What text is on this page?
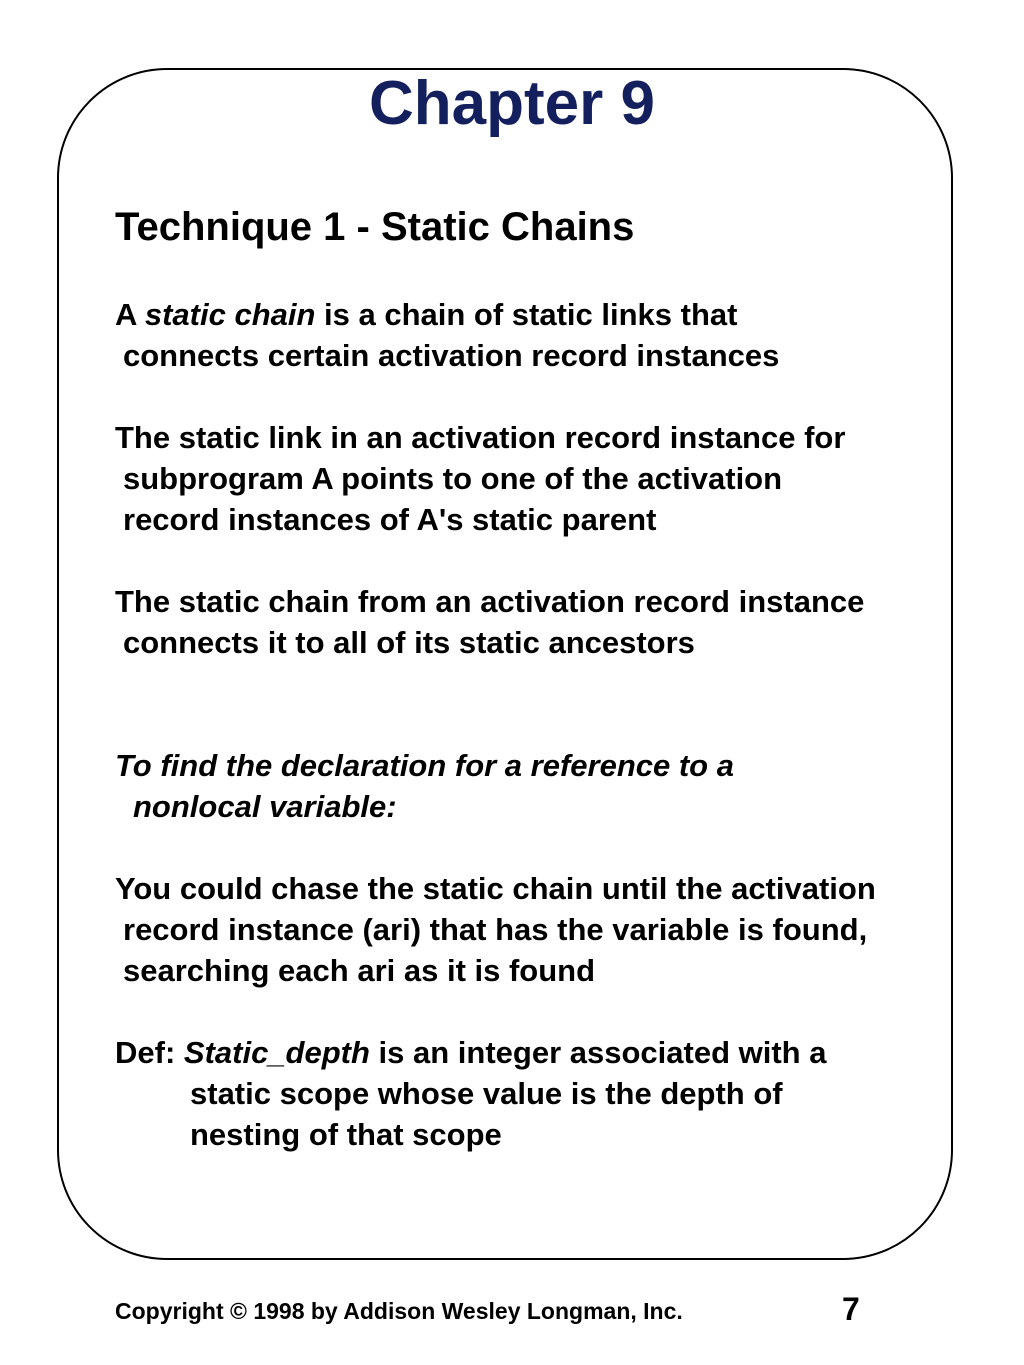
Chapter 9
Technique 1 - Static Chains
A static chain is a chain of static links that
connects certain activation record instances
The static link in an activation record instance for
subprogram A points to one of the activation
record instances of A's static parent
The static chain from an activation record instance
connects it to all of its static ancestors
To find the declaration for a reference to a
nonlocal variable:
You could chase the static chain until the activation
record instance (ari) that has the variable is found,
searching each ari as it is found
Def: Static_depth is an integer associated with a
static scope whose value is the depth of
nesting of that scope
Copyright © 1998 by Addison Wesley Longman, Inc.	7
